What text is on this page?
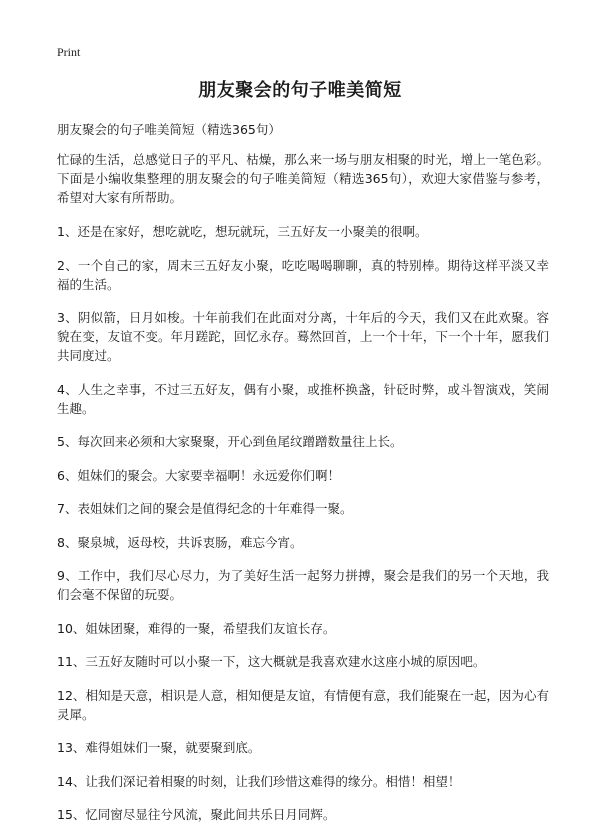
Print
朋友聚会的句子唯美简短

朋友聚会的句子唯美简短（精选365句）

忙碌的生活，总感觉日子的平凡、枯燥，那么来一场与朋友相聚的时光，增上一笔色彩。下面是小编收集整理的朋友聚会的句子唯美简短（精选365句），欢迎大家借鉴与参考，希望对大家有所帮助。

1、还是在家好，想吃就吃，想玩就玩，三五好友一小聚美的很啊。
2、一个自己的家，周末三五好友小聚，吃吃喝喝聊聊，真的特别棒。期待这样平淡又幸福的生活。
3、阴似箭，日月如梭。十年前我们在此面对分离，十年后的今天，我们又在此欢聚。容貌在变，友谊不变。年月蹉跎，回忆永存。蓦然回首，上一个十年，下一个十年，愿我们共同度过。
4、人生之幸事，不过三五好友，偶有小聚，或推杯换盏，针砭时弊，或斗智演戏，笑闹生趣。
5、每次回来必须和大家聚聚，开心到鱼尾纹蹭蹭数量往上长。
6、姐妹们的聚会。大家要幸福啊！永远爱你们啊！
7、表姐妹们之间的聚会是值得纪念的十年难得一聚。
8、聚泉城，返母校，共诉衷肠，难忘今宵。
9、工作中，我们尽心尽力，为了美好生活一起努力拼搏，聚会是我们的另一个天地，我们会毫不保留的玩耍。
10、姐妹团聚，难得的一聚，希望我们友谊长存。
11、三五好友随时可以小聚一下，这大概就是我喜欢建水这座小城的原因吧。
12、相知是天意，相识是人意，相知便是友谊，有情便有意，我们能聚在一起，因为心有灵犀。
13、难得姐妹们一聚，就要聚到底。
14、让我们深记着相聚的时刻，让我们珍惜这难得的缘分。相惜！相望！
15、忆同窗尽显往兮风流，聚此间共乐日月同辉。
